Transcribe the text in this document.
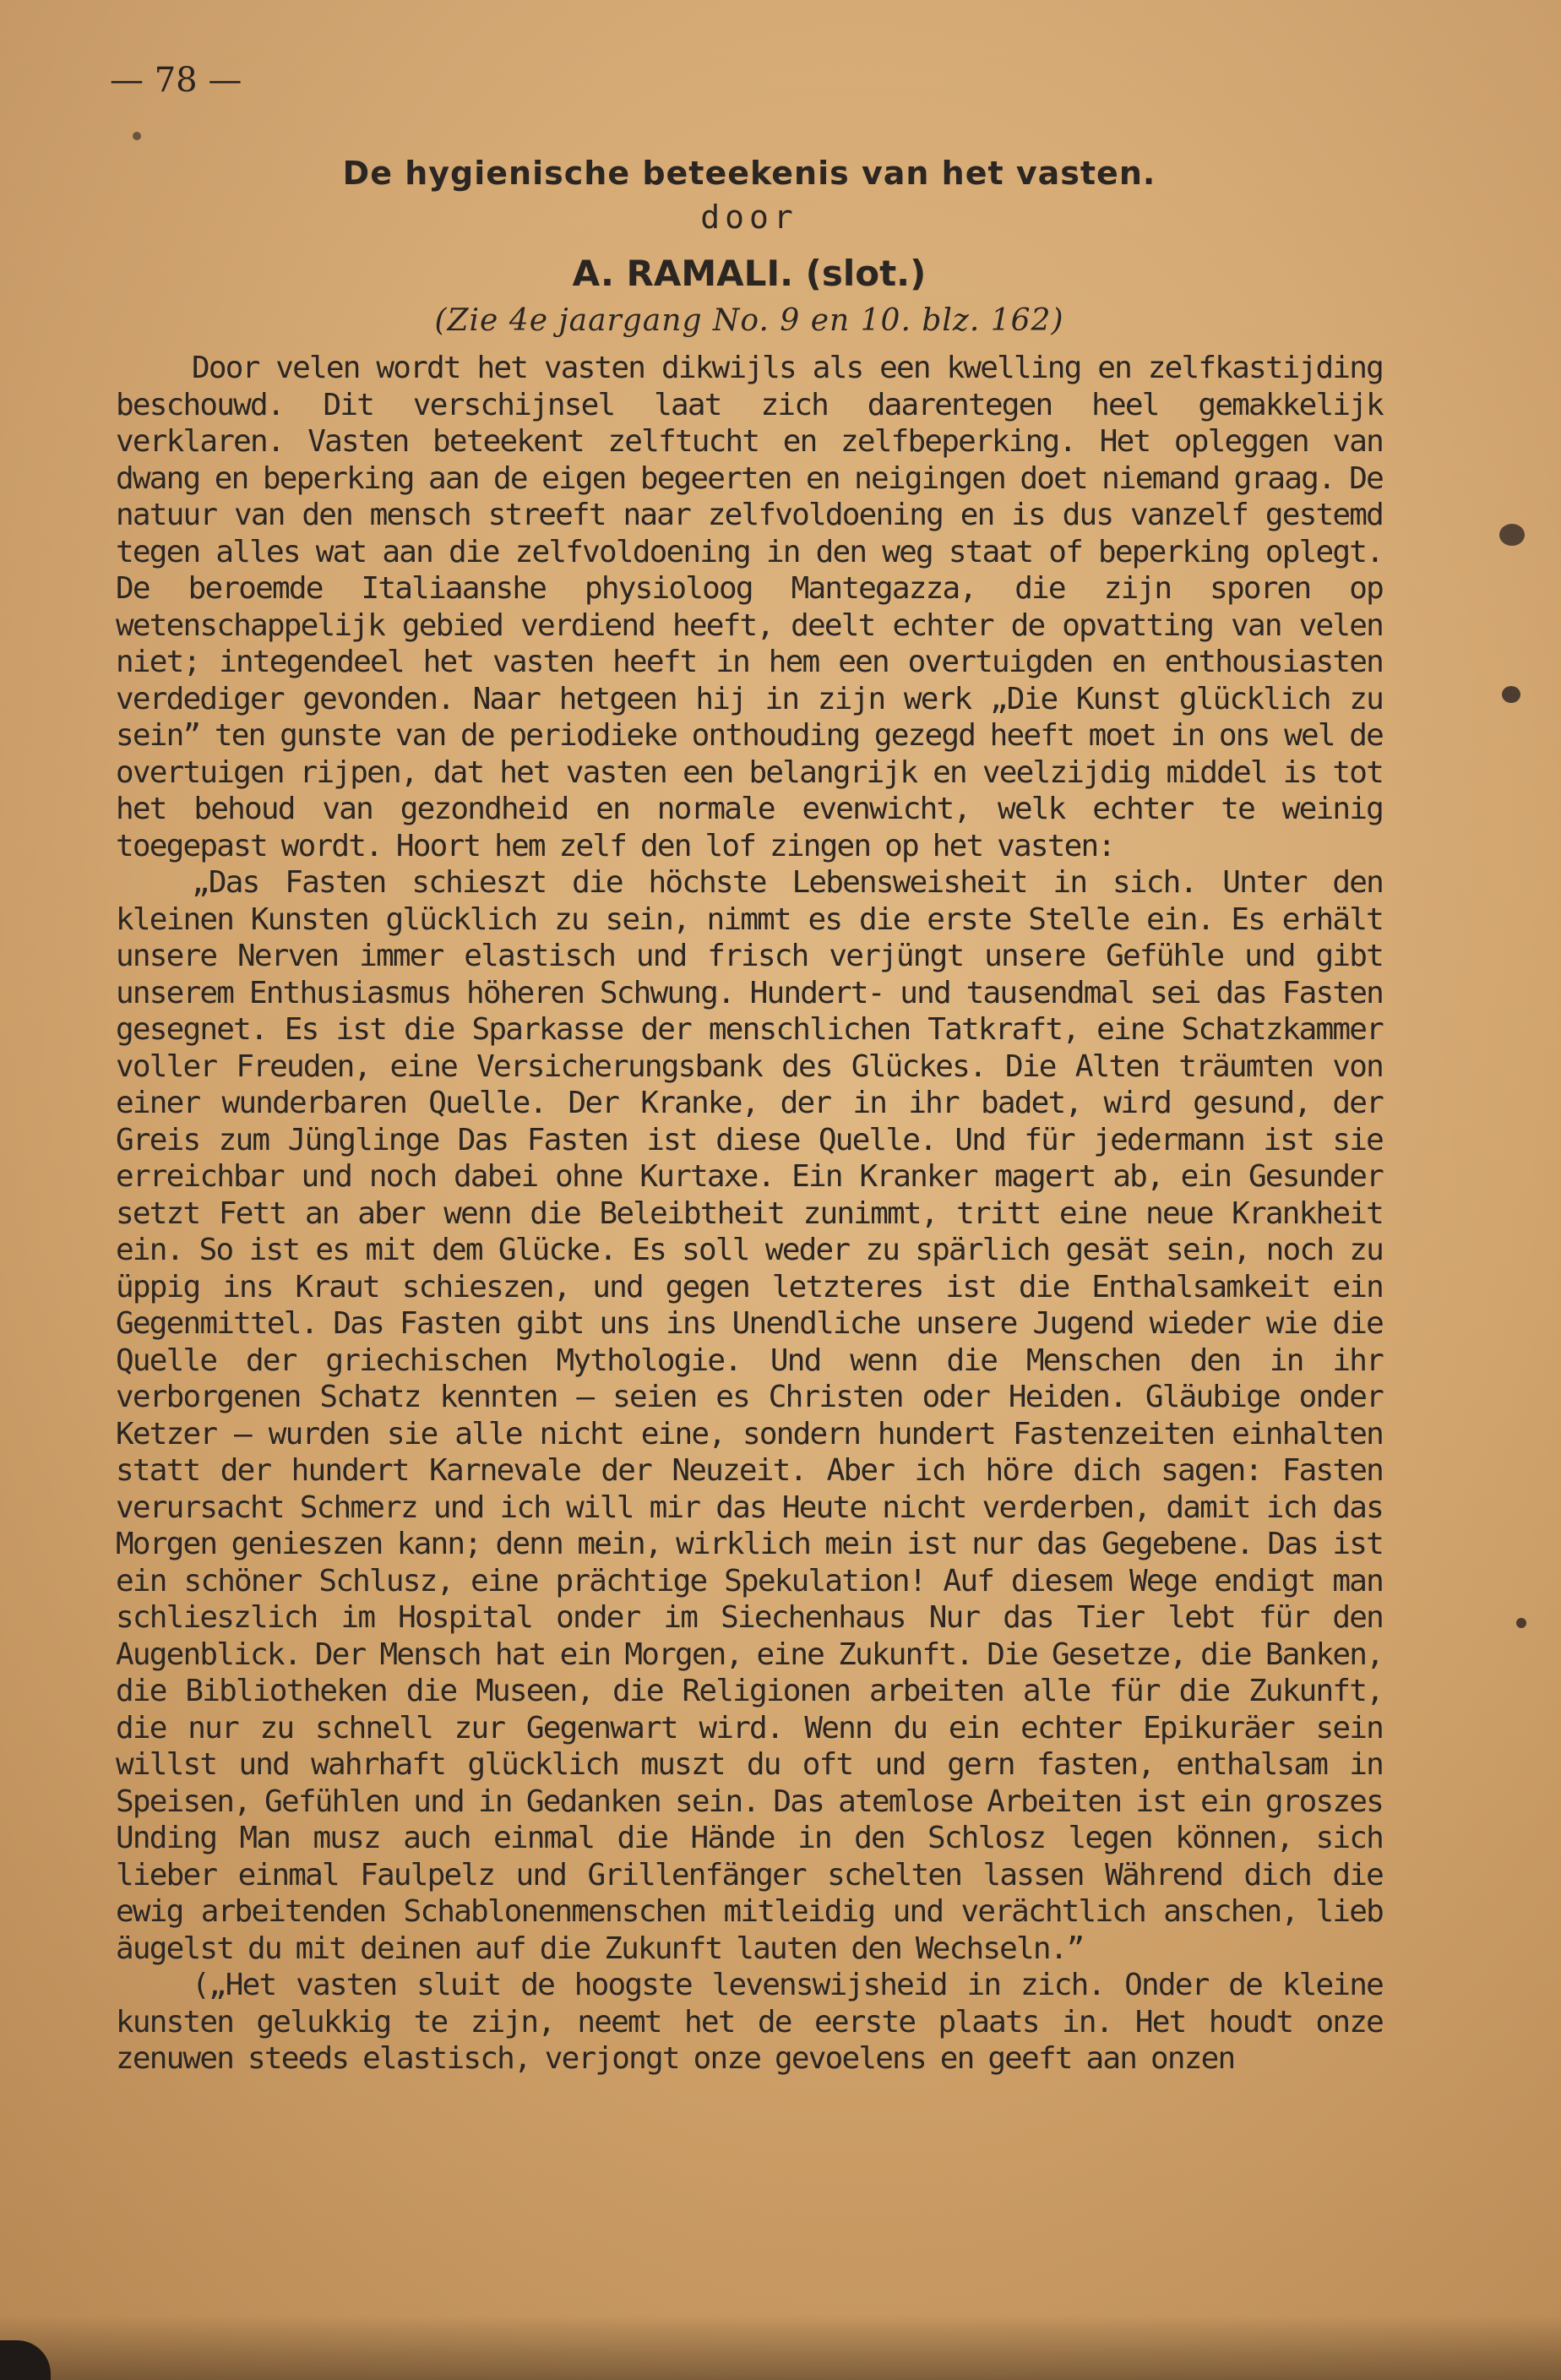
— 78 —
De hygienische beteekenis van het vasten.
door
A. RAMALI. (slot.)
(Zie 4e jaargang No. 9 en 10. blz. 162)

Door velen wordt het vasten dikwijls als een kwelling en zelfkastijding beschouwd. Dit verschijnsel laat zich daarentegen heel gemakkelijk verklaren. Vasten beteekent zelftucht en zelfbeperking. Het opleggen van dwang en beperking aan de eigen begeerten en neigingen doet niemand graag. De natuur van den mensch streeft naar zelfvoldoening en is dus vanzelf gestemd tegen alles wat aan die zelfvoldoening in den weg staat of beperking oplegt. De beroemde Italiaanshe physioloog Mantegazza, die zijn sporen op wetenschappelijk gebied verdiend heeft, deelt echter de opvatting van velen niet; integendeel het vasten heeft in hem een overtuigden en enthousiasten verdediger gevonden. Naar hetgeen hij in zijn werk „Die Kunst glücklich zu sein” ten gunste van de periodieke onthouding gezegd heeft moet in ons wel de overtuigen rijpen, dat het vasten een belangrijk en veelzijdig middel is tot het behoud van gezondheid en normale evenwicht, welk echter te weinig toegepast wordt. Hoort hem zelf den lof zingen op het vasten:

„Das Fasten schieszt die höchste Lebensweisheit in sich. Unter den kleinen Kunsten glücklich zu sein, nimmt es die erste Stelle ein. Es erhält unsere Nerven immer elastisch und frisch verjüngt unsere Gefühle und gibt unserem Enthusiasmus höheren Schwung. Hundert- und tausendmal sei das Fasten gesegnet. Es ist die Sparkasse der menschlichen Tatkraft, eine Schatzkammer voller Freuden, eine Versicherungsbank des Glückes. Die Alten träumten von einer wunderbaren Quelle. Der Kranke, der in ihr badet, wird gesund, der Greis zum Jünglinge Das Fasten ist diese Quelle. Und für jedermann ist sie erreichbar und noch dabei ohne Kurtaxe. Ein Kranker magert ab, ein Gesunder setzt Fett an aber wenn die Beleibtheit zunimmt, tritt eine neue Krankheit ein. So ist es mit dem Glücke. Es soll weder zu spärlich gesät sein, noch zu üppig ins Kraut schieszen, und gegen letzteres ist die Enthalsamkeit ein Gegenmittel. Das Fasten gibt uns ins Unendliche unsere Jugend wieder wie die Quelle der griechischen Mythologie. Und wenn die Menschen den in ihr verborgenen Schatz kennten — seien es Christen oder Heiden. Gläubige onder Ketzer — wurden sie alle nicht eine, sondern hundert Fastenzeiten einhalten statt der hundert Karnevale der Neuzeit. Aber ich höre dich sagen: Fasten verursacht Schmerz und ich will mir das Heute nicht verderben, damit ich das Morgen genieszen kann; denn mein, wirklich mein ist nur das Gegebene. Das ist ein schöner Schlusz, eine prächtige Spekulation! Auf diesem Wege endigt man schlieszlich im Hospital onder im Siechenhaus Nur das Tier lebt für den Augenblick. Der Mensch hat ein Morgen, eine Zukunft. Die Gesetze, die Banken, die Bibliotheken die Museen, die Religionen arbeiten alle für die Zukunft, die nur zu schnell zur Gegenwart wird. Wenn du ein echter Epikuräer sein willst und wahrhaft glücklich muszt du oft und gern fasten, enthalsam in Speisen, Gefühlen und in Gedanken sein. Das atemlose Arbeiten ist ein groszes Unding Man musz auch einmal die Hände in den Schlosz legen können, sich lieber einmal Faulpelz und Grillenfänger schelten lassen Während dich die ewig arbeitenden Schablonenmenschen mitleidig und verächtlich anschen, lieb äugelst du mit deinen auf die Zukunft lauten den Wechseln.”

(„Het vasten sluit de hoogste levenswijsheid in zich. Onder de kleine kunsten gelukkig te zijn, neemt het de eerste plaats in. Het houdt onze zenuwen steeds elastisch, verjongt onze gevoelens en geeft aan onzen
